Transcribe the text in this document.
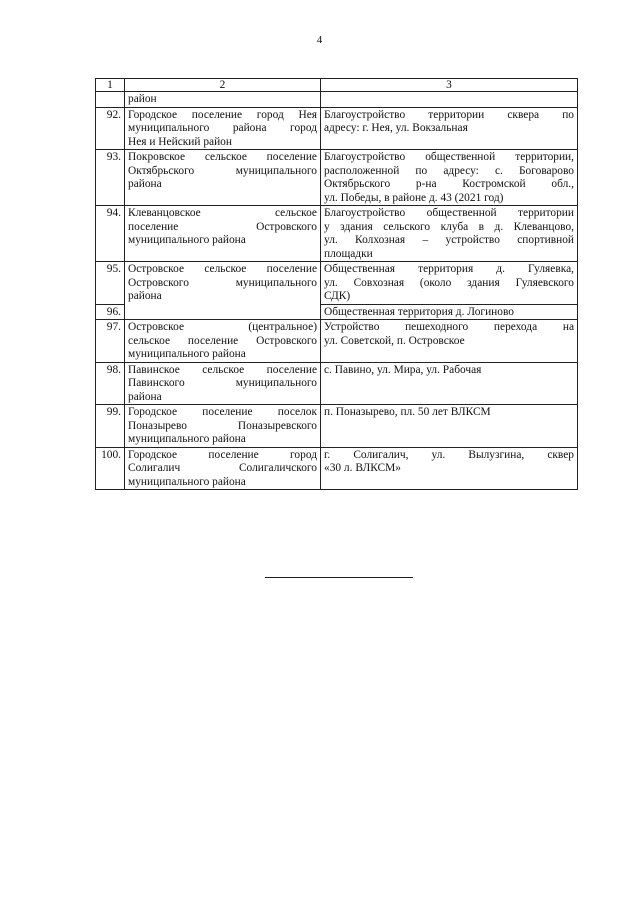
4
1	2	3
	район	
92.	Городское поселение город Нея
муниципального района город
Нея и Нейский район	Благоустройство территории сквера по
адресу: г. Нея, ул. Вокзальная

93.	Покровское сельское поселение
Октябрьского муниципального
района	Благоустройство общественной территории,
расположенной по адресу: с. Боговарово
Октябрьского р-на Костромской обл.,
ул. Победы, в районе д. 43 (2021 год)

94.	Клеванцовское сельское
поселение Островского
муниципального района	Благоустройство общественной территории
у здания сельского клуба в д. Клеванцово,
ул. Колхозная – устройство спортивной
площадки

95.	Островское сельское поселение
Островского муниципального
района	Общественная территория д. Гуляевка,
ул. Совхозная (около здания Гуляевского
СДК)

96.		Общественная территория д. Логиново

97.	Островское (центральное)
сельское поселение Островского
муниципального района	Устройство пешеходного перехода на
ул. Советской, п. Островское

98.	Павинское сельское поселение
Павинского муниципального
района	с. Павино, ул. Мира, ул. Рабочая

99.	Городское поселение поселок
Поназырево Поназыревского
муниципального района	п. Поназырево, пл. 50 лет ВЛКСМ

100.	Городское поселение город
Солигалич Солигаличского
муниципального района	г. Солигалич, ул. Вылузгина, сквер
«30 л. ВЛКСМ»
